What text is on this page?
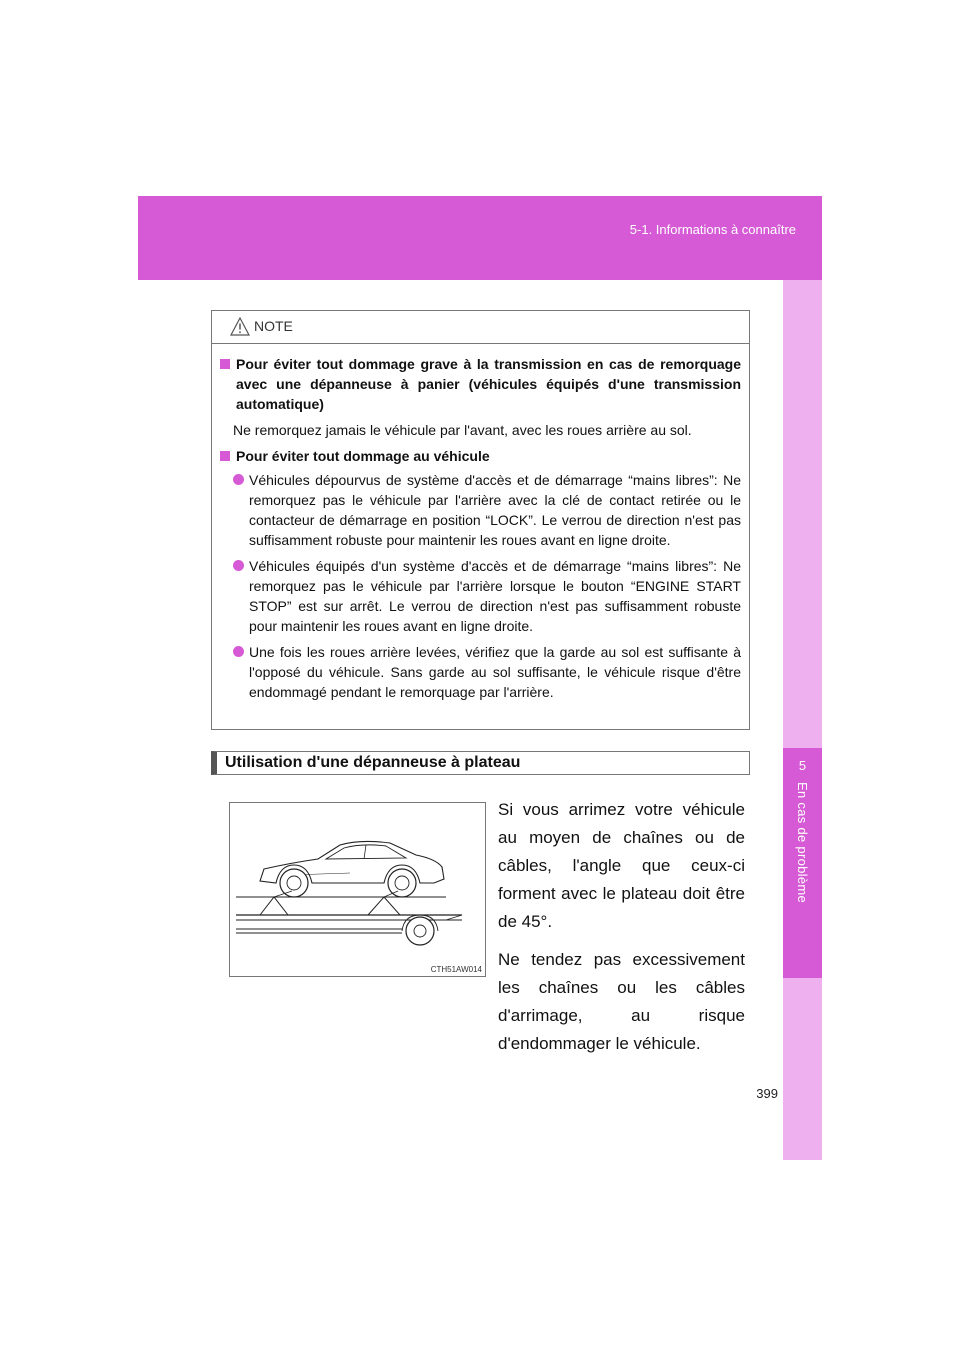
5-1. Informations à connaître
5
En cas de problème
NOTE
Pour éviter tout dommage grave à la transmission en cas de remorquage avec une dépanneuse à panier (véhicules équipés d'une transmission automatique)
Ne remorquez jamais le véhicule par l'avant, avec les roues arrière au sol.
Pour éviter tout dommage au véhicule
Véhicules dépourvus de système d'accès et de démarrage “mains libres”: Ne remorquez pas le véhicule par l'arrière avec la clé de contact retirée ou le contacteur de démarrage en position “LOCK”. Le verrou de direction n'est pas suffisamment robuste pour maintenir les roues avant en ligne droite.
Véhicules équipés d'un système d'accès et de démarrage “mains libres”: Ne remorquez pas le véhicule par l'arrière lorsque le bouton “ENGINE START STOP” est sur arrêt. Le verrou de direction n'est pas suffisamment robuste pour maintenir les roues avant en ligne droite.
Une fois les roues arrière levées, vérifiez que la garde au sol est suffisante à l'opposé du véhicule. Sans garde au sol suffisante, le véhicule risque d'être endommagé pendant le remorquage par l'arrière.
Utilisation d'une dépanneuse à plateau
CTH51AW014

Si vous arrimez votre véhicule au moyen de chaînes ou de câbles, l'angle que ceux-ci forment avec le plateau doit être de 45°.

Ne tendez pas excessivement les chaînes ou les câbles d'arrimage, au risque d'endommager le véhicule.

399
